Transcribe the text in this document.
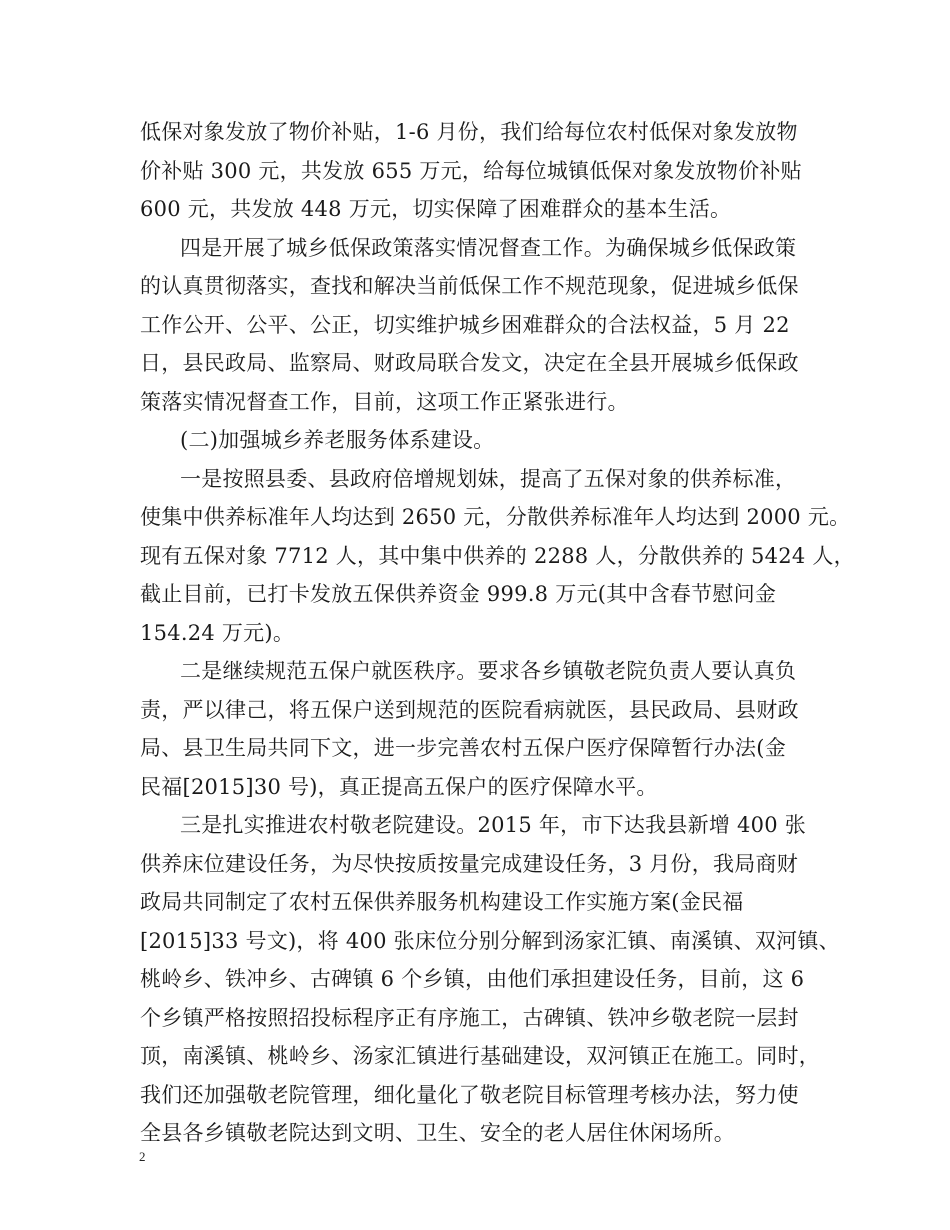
低保对象发放了物价补贴，1-6 月份，我们给每位农村低保对象发放物
价补贴 300 元，共发放 655 万元，给每位城镇低保对象发放物价补贴
600 元，共发放 448 万元，切实保障了困难群众的基本生活。
四是开展了城乡低保政策落实情况督查工作。为确保城乡低保政策
的认真贯彻落实，查找和解决当前低保工作不规范现象，促进城乡低保
工作公开、公平、公正，切实维护城乡困难群众的合法权益，5 月 22
日，县民政局、监察局、财政局联合发文，决定在全县开展城乡低保政
策落实情况督查工作，目前，这项工作正紧张进行。
(二)加强城乡养老服务体系建设。
一是按照县委、县政府倍增规划妹，提高了五保对象的供养标准，
使集中供养标准年人均达到 2650 元，分散供养标准年人均达到 2000 元。
现有五保对象 7712 人，其中集中供养的 2288 人，分散供养的 5424 人，
截止目前，已打卡发放五保供养资金 999.8 万元(其中含春节慰问金
154.24 万元)。
二是继续规范五保户就医秩序。要求各乡镇敬老院负责人要认真负
责，严以律己，将五保户送到规范的医院看病就医，县民政局、县财政
局、县卫生局共同下文，进一步完善农村五保户医疗保障暂行办法(金
民福[2015]30 号)，真正提高五保户的医疗保障水平。
三是扎实推进农村敬老院建设。2015 年，市下达我县新增 400 张
供养床位建设任务，为尽快按质按量完成建设任务，3 月份，我局商财
政局共同制定了农村五保供养服务机构建设工作实施方案(金民福
[2015]33 号文)，将 400 张床位分别分解到汤家汇镇、南溪镇、双河镇、
桃岭乡、铁冲乡、古碑镇 6 个乡镇，由他们承担建设任务，目前，这 6
个乡镇严格按照招投标程序正有序施工，古碑镇、铁冲乡敬老院一层封
顶，南溪镇、桃岭乡、汤家汇镇进行基础建设，双河镇正在施工。同时，
我们还加强敬老院管理，细化量化了敬老院目标管理考核办法，努力使
全县各乡镇敬老院达到文明、卫生、安全的老人居住休闲场所。
2
